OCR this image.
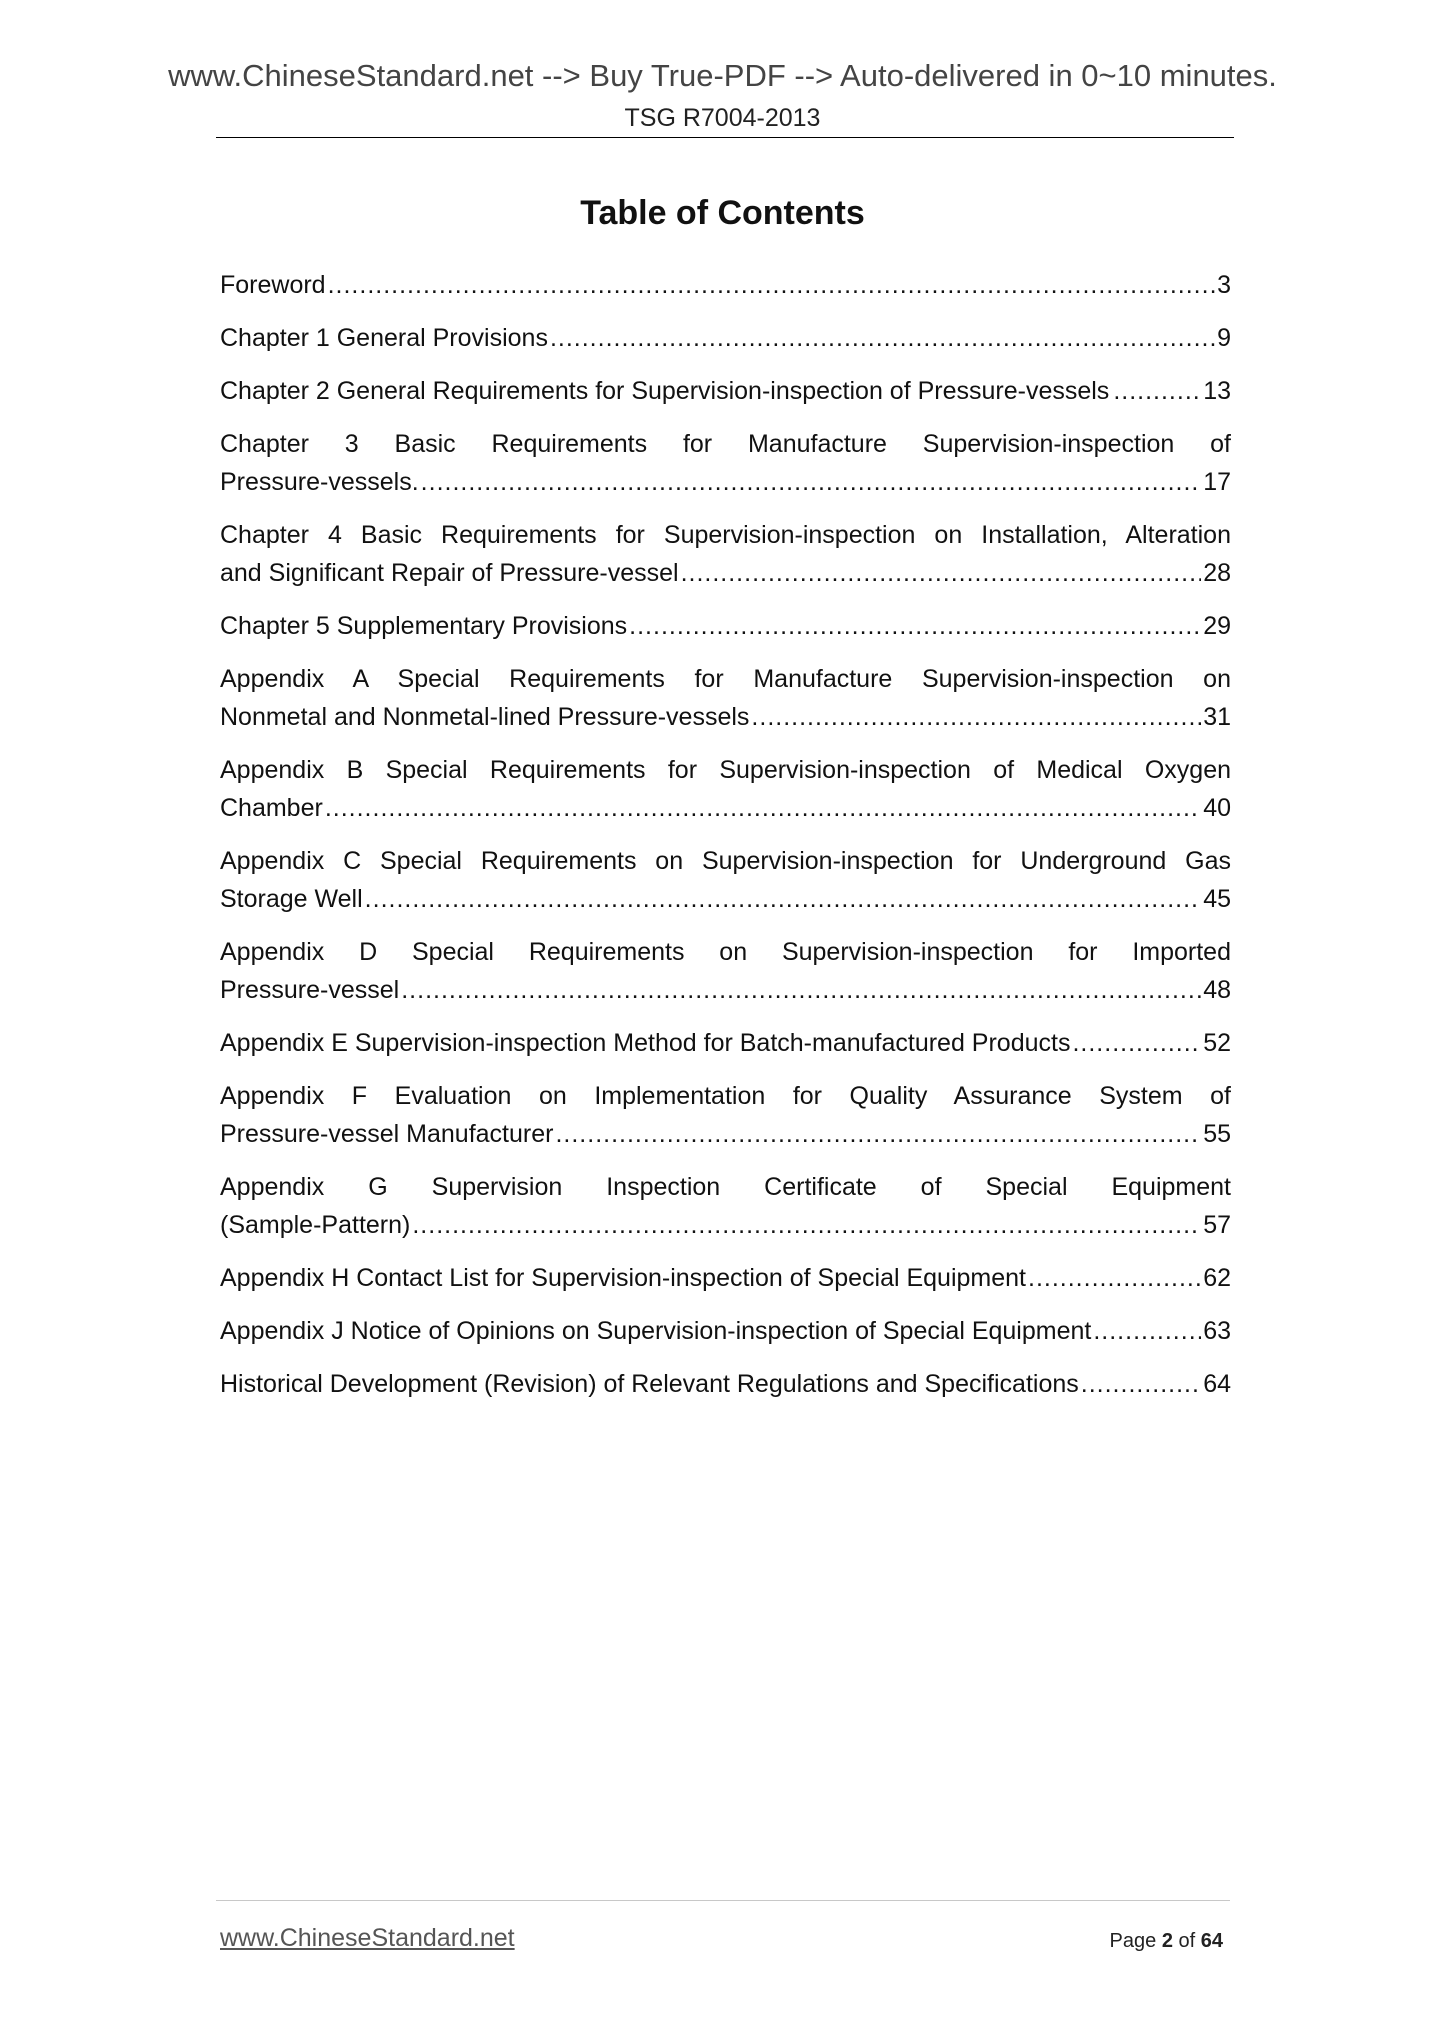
www.ChineseStandard.net --> Buy True-PDF --> Auto-delivered in 0~10 minutes.
TSG R7004-2013
Table of Contents
Foreword .....	3
Chapter 1 General Provisions .....	9
Chapter 2 General Requirements for Supervision-inspection of Pressure-vessels .....	13
Chapter 3 Basic Requirements for Manufacture Supervision-inspection of
Pressure-vessels. .....	17
Chapter 4 Basic Requirements for Supervision-inspection on Installation, Alteration
and Significant Repair of Pressure-vessel .....	28
Chapter 5 Supplementary Provisions .....	29
Appendix A Special Requirements for Manufacture Supervision-inspection on
Nonmetal and Nonmetal-lined Pressure-vessels .....	31
Appendix B Special Requirements for Supervision-inspection of Medical Oxygen
Chamber .....	40
Appendix C Special Requirements on Supervision-inspection for Underground Gas
Storage Well .....	45
Appendix D Special Requirements on Supervision-inspection for Imported
Pressure-vessel .....	48
Appendix E Supervision-inspection Method for Batch-manufactured Products .....	52
Appendix F Evaluation on Implementation for Quality Assurance System of
Pressure-vessel Manufacturer .....	55
Appendix G Supervision Inspection Certificate of Special Equipment
(Sample-Pattern) .....	57
Appendix H Contact List for Supervision-inspection of Special Equipment .....	62
Appendix J Notice of Opinions on Supervision-inspection of Special Equipment .....	63
Historical Development (Revision) of Relevant Regulations and Specifications .....	64
www.ChineseStandard.net	Page 2 of 64
